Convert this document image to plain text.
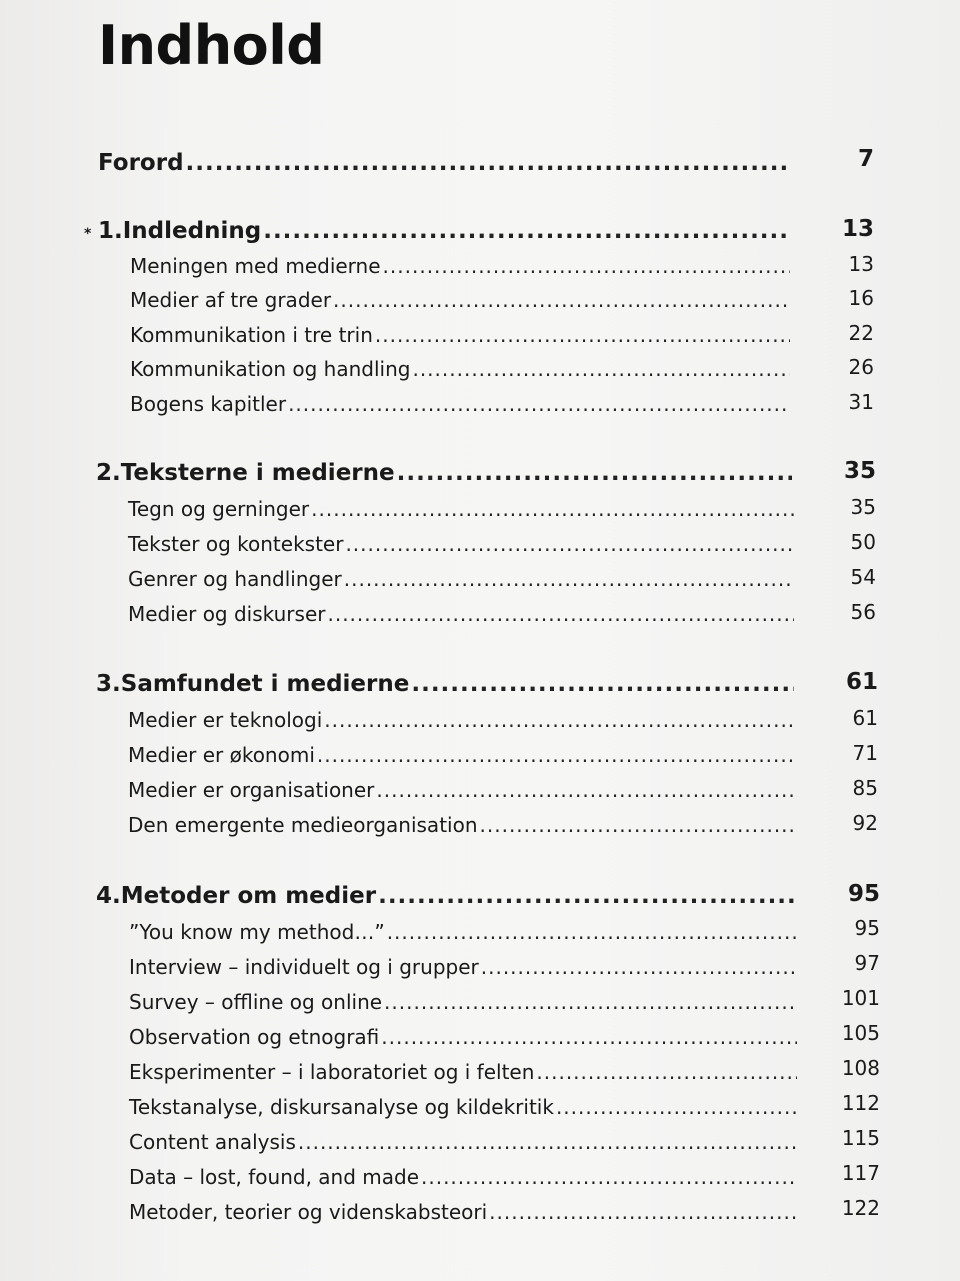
Indhold
Forord .....	7
* 1. Indledning .....	13
Meningen med medierne .....	13
Medier af tre grader .....	16
Kommunikation i tre trin .....	22
Kommunikation og handling .....	26
Bogens kapitler .....	31
2. Teksterne i medierne .....	35
Tegn og gerninger .....	35
Tekster og kontekster .....	50
Genrer og handlinger .....	54
Medier og diskurser .....	56
3. Samfundet i medierne .....	61
Medier er teknologi .....	61
Medier er økonomi .....	71
Medier er organisationer .....	85
Den emergente medieorganisation .....	92
4. Metoder om medier .....	95
”You know my method…” .....	95
Interview – individuelt og i grupper .....	97
Survey – offline og online .....	101
Observation og etnografi .....	105
Eksperimenter – i laboratoriet og i felten .....	108
Tekstanalyse, diskursanalyse og kildekritik .....	112
Content analysis .....	115
Data – lost, found, and made .....	117
Metoder, teorier og videnskabsteori .....	122
